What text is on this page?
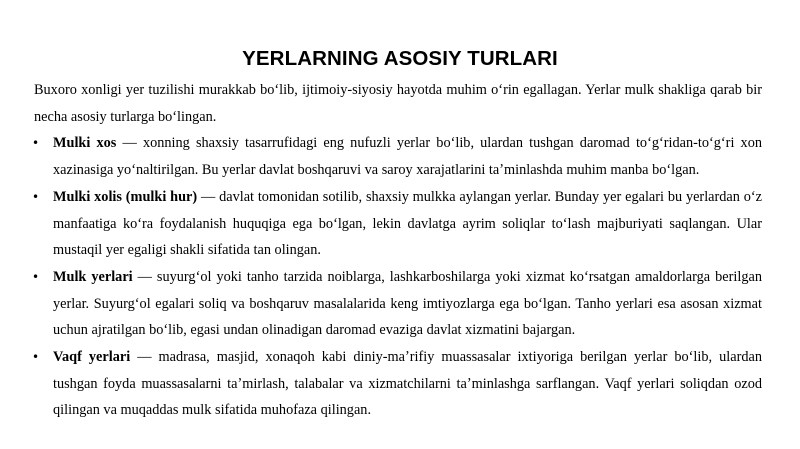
YERLARNING ASOSIY TURLARI

Buxoro xonligi yer tuzilishi murakkab boʻlib, ijtimoiy-siyosiy hayotda muhim oʻrin egallagan. Yerlar mulk shakliga qarab bir necha asosiy turlarga boʻlingan.

• Mulki xos — xonning shaxsiy tasarrufidagi eng nufuzli yerlar boʻlib, ulardan tushgan daromad toʻgʻridan-toʻgʻri xon xazinasiga yoʻnaltirilgan. Bu yerlar davlat boshqaruvi va saroy xarajatlarini taʼminlashda muhim manba boʻlgan.
• Mulki xolis (mulki hur) — davlat tomonidan sotilib, shaxsiy mulkka aylangan yerlar. Bunday yer egalari bu yerlardan oʻz manfaatiga koʻra foydalanish huquqiga ega boʻlgan, lekin davlatga ayrim soliqlar toʻlash majburiyati saqlangan. Ular mustaqil yer egaligi shakli sifatida tan olingan.
• Mulk yerlari — suyurgʻol yoki tanho tarzida noiblarga, lashkarboshilarga yoki xizmat koʻrsatgan amaldorlarga berilgan yerlar. Suyurgʻol egalari soliq va boshqaruv masalalarida keng imtiyozlarga ega boʻlgan. Tanho yerlari esa asosan xizmat uchun ajratilgan boʻlib, egasi undan olinadigan daromad evaziga davlat xizmatini bajargan.
• Vaqf yerlari — madrasa, masjid, xonaqoh kabi diniy-maʼrifiy muassasalar ixtiyoriga berilgan yerlar boʻlib, ulardan tushgan foyda muassasalarni taʼmirlash, talabalar va xizmatchilarni taʼminlashga sarflangan. Vaqf yerlari soliqdan ozod qilingan va muqaddas mulk sifatida muhofaza qilingan.
